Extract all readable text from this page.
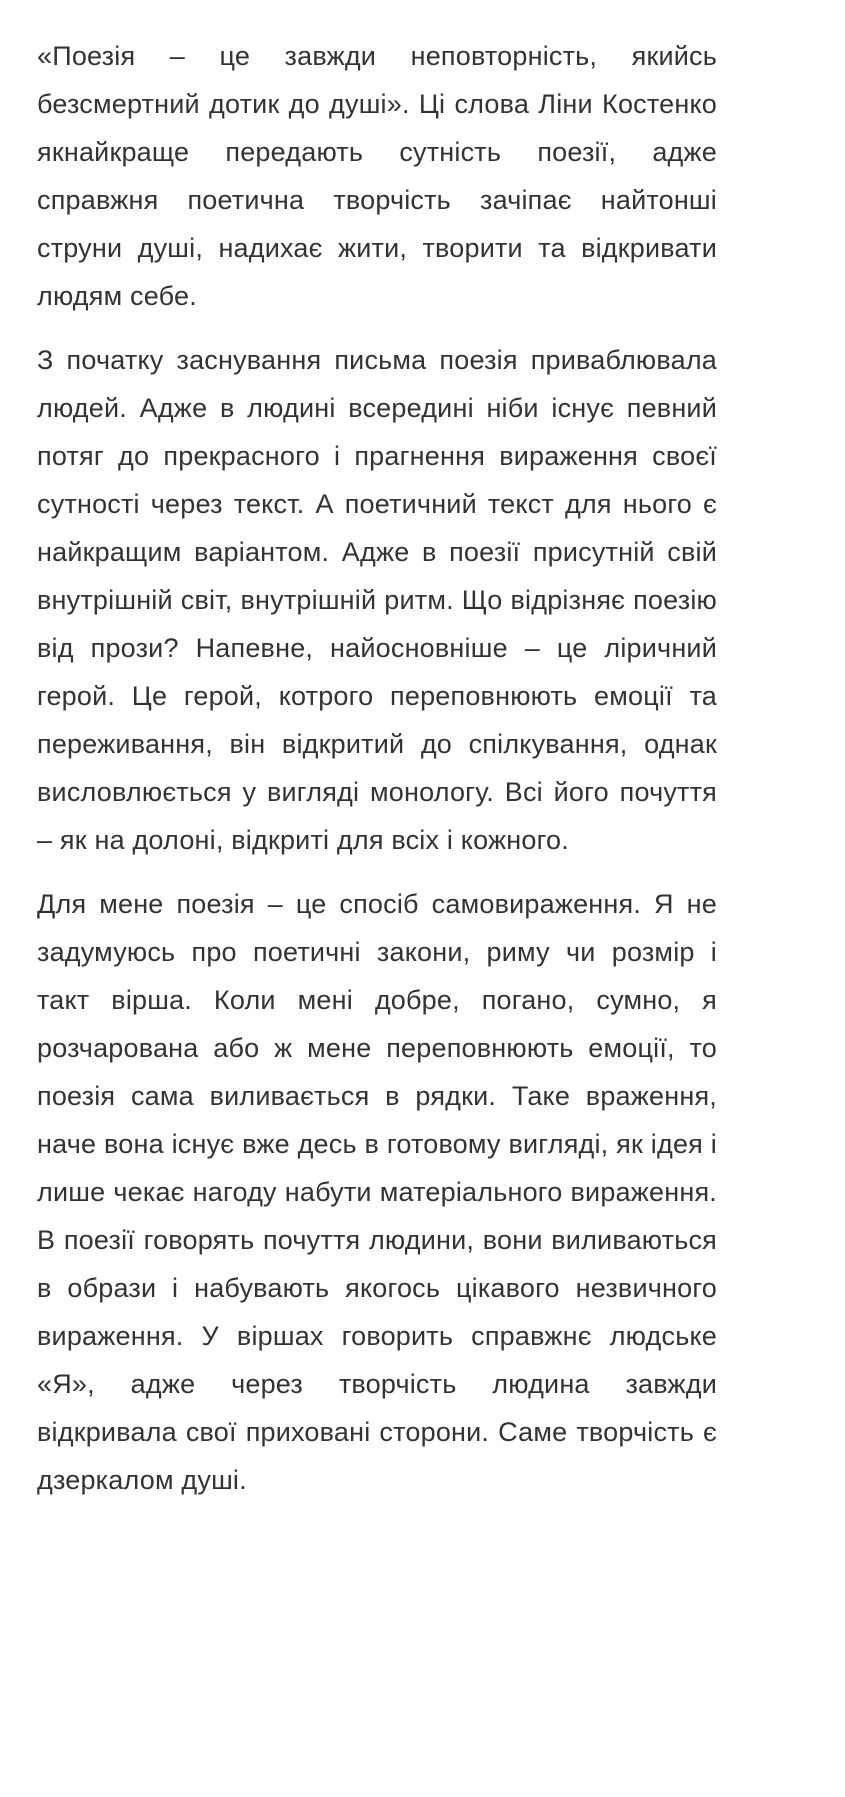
«Поезія – це завжди неповторність, якийсь безсмертний дотик до душі». Ці слова Ліни Костенко якнайкраще передають сутність поезії, адже справжня поетична творчість зачіпає найтонші струни душі, надихає жити, творити та відкривати людям себе.

З початку заснування письма поезія приваблювала людей. Адже в людині всередині ніби існує певний потяг до прекрасного і прагнення вираження своєї сутності через текст. А поетичний текст для нього є найкращим варіантом. Адже в поезії присутній свій внутрішній світ, внутрішній ритм. Що відрізняє поезію від прози? Напевне, найосновніше – це ліричний герой. Це герой, котрого переповнюють емоції та переживання, він відкритий до спілкування, однак висловлюється у вигляді монологу. Всі його почуття – як на долоні, відкриті для всіх і кожного.

Для мене поезія – це спосіб самовираження. Я не задумуюсь про поетичні закони, риму чи розмір і такт вірша. Коли мені добре, погано, сумно, я розчарована або ж мене переповнюють емоції, то поезія сама виливається в рядки. Таке враження, наче вона існує вже десь в готовому вигляді, як ідея і лише чекає нагоду набути матеріального вираження. В поезії говорять почуття людини, вони виливаються в образи і набувають якогось цікавого незвичного вираження. У віршах говорить справжнє людське «Я», адже через творчість людина завжди відкривала свої приховані сторони. Саме творчість є дзеркалом душі.
